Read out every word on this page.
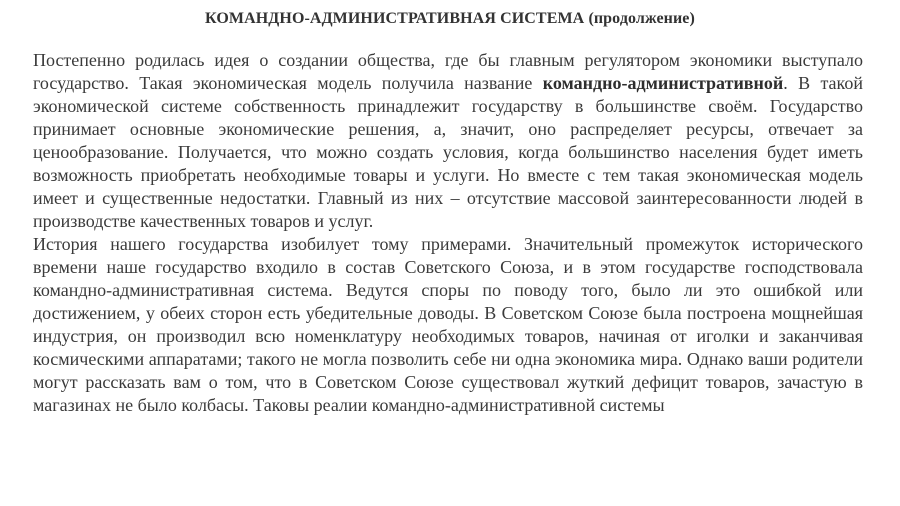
КОМАНДНО-АДМИНИСТРАТИВНАЯ СИСТЕМА (продолжение)

Постепенно родилась идея о создании общества, где бы главным регулятором экономики выступало государство. Такая экономическая модель получила название командно-административной. В такой экономической системе собственность принадлежит государству в большинстве своём. Государство принимает основные экономические решения, а, значит, оно распределяет ресурсы, отвечает за ценообразование. Получается, что можно создать условия, когда большинство населения будет иметь возможность приобретать необходимые товары и услуги. Но вместе с тем такая экономическая модель имеет и существенные недостатки. Главный из них – отсутствие массовой заинтересованности людей в производстве качественных товаров и услуг.

История нашего государства изобилует тому примерами. Значительный промежуток исторического времени наше государство входило в состав Советского Союза, и в этом государстве господствовала командно-административная система. Ведутся споры по поводу того, было ли это ошибкой или достижением, у обеих сторон есть убедительные доводы. В Советском Союзе была построена мощнейшая индустрия, он производил всю номенклатуру необходимых товаров, начиная от иголки и заканчивая космическими аппаратами; такого не могла позволить себе ни одна экономика мира. Однако ваши родители могут рассказать вам о том, что в Советском Союзе существовал жуткий дефицит товаров, зачастую в магазинах не было колбасы. Таковы реалии командно-административной системы
